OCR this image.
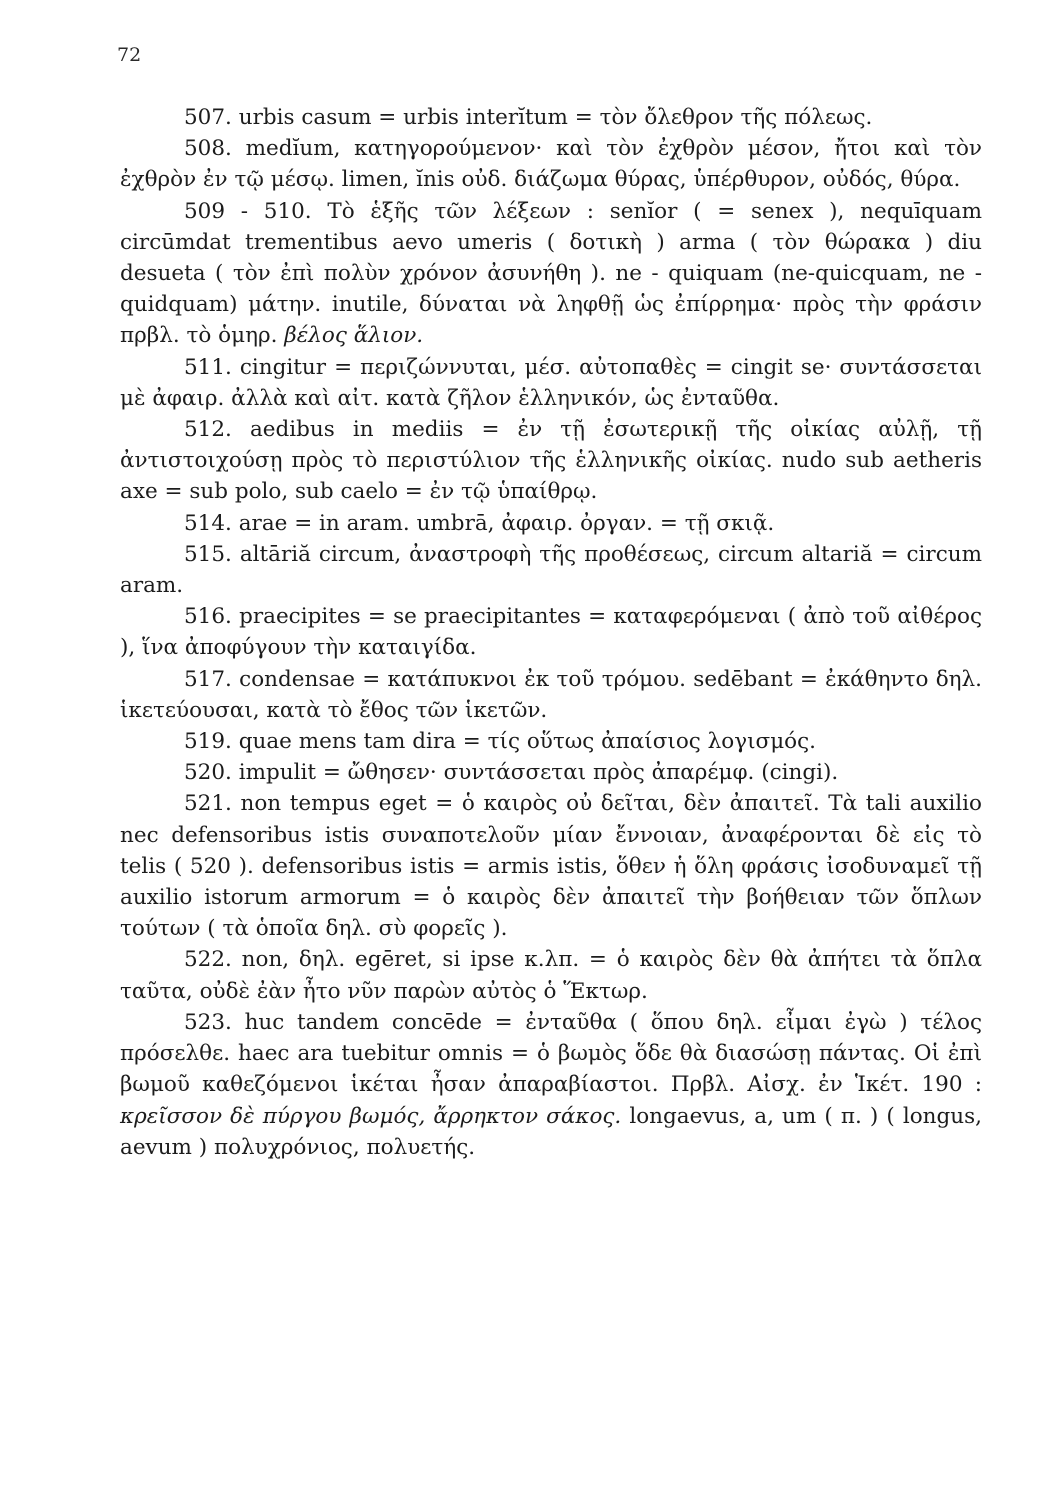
72

507. urbis casum = urbis interĭtum = τὸν ὄλεθρον τῆς πόλεως.

508. medĭum, κατηγορούμενον· καὶ τὸν ἐχθρὸν μέσον, ἤτοι καὶ τὸν ἐχθρὸν ἐν τῷ μέσῳ. limen, ĭnis οὐδ. διάζωμα θύρας, ὑπέρθυρον, οὐδός, θύρα.

509 - 510. Τὸ ἑξῆς τῶν λέξεων : senĭor ( = senex ), nequīquam circūmdat trementibus aevo umeris ( δοτικὴ ) arma ( τὸν θώρακα ) diu desueta ( τὸν ἐπὶ πολὺν χρόνον ἀσυνήθη ). ne - quiquam (ne-quicquam, ne - quidquam) μάτην. inutile, δύναται νὰ ληφθῇ ὡς ἐπίρρημα· πρὸς τὴν φράσιν πρβλ. τὸ ὁμηρ. βέλος ἅλιον.

511. cingitur = περιζώννυται, μέσ. αὐτοπαθὲς = cingit se· συντάσσεται μὲ ἀφαιρ. ἀλλὰ καὶ αἰτ. κατὰ ζῆλον ἑλληνικόν, ὡς ἐνταῦθα.

512. aedibus in mediis = ἐν τῇ ἐσωτερικῇ τῆς οἰκίας αὐλῇ, τῇ ἀντιστοιχούσῃ πρὸς τὸ περιστύλιον τῆς ἑλληνικῆς οἰκίας. nudo sub aetheris axe = sub polo, sub caelo = ἐν τῷ ὑπαίθρῳ.

514. arae = in aram. umbrā, ἀφαιρ. ὀργαν. = τῇ σκιᾷ.

515. altāriă circum, ἀναστροφὴ τῆς προθέσεως, circum altariă = circum aram.

516. praecipites = se praecipitantes = καταφερόμεναι ( ἀπὸ τοῦ αἰθέρος ), ἵνα ἀποφύγουν τὴν καταιγίδα.

517. condensae = κατάπυκνοι ἐκ τοῦ τρόμου. sedēbant = ἐκάθηντο δηλ. ἱκετεύουσαι, κατὰ τὸ ἔθος τῶν ἱκετῶν.

519. quae mens tam dira = τίς οὕτως ἀπαίσιος λογισμός.

520. impulit = ὤθησεν· συντάσσεται πρὸς ἀπαρέμφ. (cingi).

521. non tempus eget = ὁ καιρὸς οὐ δεῖται, δὲν ἀπαιτεῖ. Τὰ tali auxilio nec defensoribus istis συναποτελοῦν μίαν ἔννοιαν, ἀναφέρονται δὲ εἰς τὸ telis ( 520 ). defensoribus istis = armis istis, ὅθεν ἡ ὅλη φράσις ἰσοδυναμεῖ τῇ auxilio istorum armorum = ὁ καιρὸς δὲν ἀπαιτεῖ τὴν βοήθειαν τῶν ὅπλων τούτων ( τὰ ὁποῖα δηλ. σὺ φορεῖς ).

522. non, δηλ. egēret, si ipse κ.λπ. = ὁ καιρὸς δὲν θὰ ἀπήτει τὰ ὅπλα ταῦτα, οὐδὲ ἐὰν ἦτο νῦν παρὼν αὐτὸς ὁ Ἕκτωρ.

523. huc tandem concēde = ἐνταῦθα ( ὅπου δηλ. εἶμαι ἐγὼ ) τέλος πρόσελθε. haec ara tuebitur omnis = ὁ βωμὸς ὅδε θὰ διασώσῃ πάντας. Οἱ ἐπὶ βωμοῦ καθεζόμενοι ἱκέται ἦσαν ἀπαραβίαστοι. Πρβλ. Αἰσχ. ἐν Ἱκέτ. 190 : κρεῖσσον δὲ πύργου βωμός, ἄρρηκτον σάκος. longaevus, a, um ( π. ) ( longus, aevum ) πολυχρόνιος, πολυετής.
